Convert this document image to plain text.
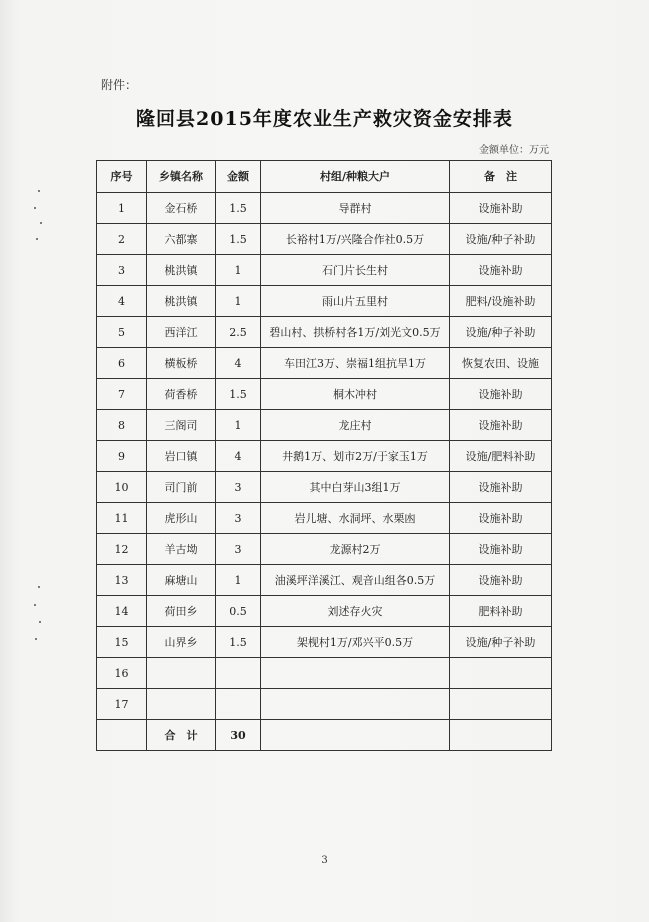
附件：
隆回县2015年度农业生产救灾资金安排表
金额单位：万元
序号	乡镇名称	金额	村组/种粮大户	备　注
1	金石桥	1.5	导群村	设施补助
2	六都寨	1.5	长裕村1万/兴隆合作社0.5万	设施/种子补助
3	桃洪镇	1	石门片长生村	设施补助
4	桃洪镇	1	雨山片五里村	肥料/设施补助
5	西洋江	2.5	碧山村、拱桥村各1万/刘光文0.5万	设施/种子补助
6	横板桥	4	车田江3万、崇福1组抗旱1万	恢复农田、设施
7	荷香桥	1.5	桐木冲村	设施补助
8	三阁司	1	龙庄村	设施补助
9	岩口镇	4	井鹅1万、划市2万/于家玉1万	设施/肥料补助
10	司门前	3	其中白芽山3组1万	设施补助
11	虎形山	3	岩儿塘、水洞坪、水栗凼	设施补助
12	羊古坳	3	龙源村2万	设施补助
13	麻塘山	1	油溪坪洋溪江、观音山组各0.5万	设施补助
14	荷田乡	0.5	刘述存火灾	肥料补助
15	山界乡	1.5	架枧村1万/邓兴平0.5万	设施/种子补助
16				
17				
	合　计	30		
3
